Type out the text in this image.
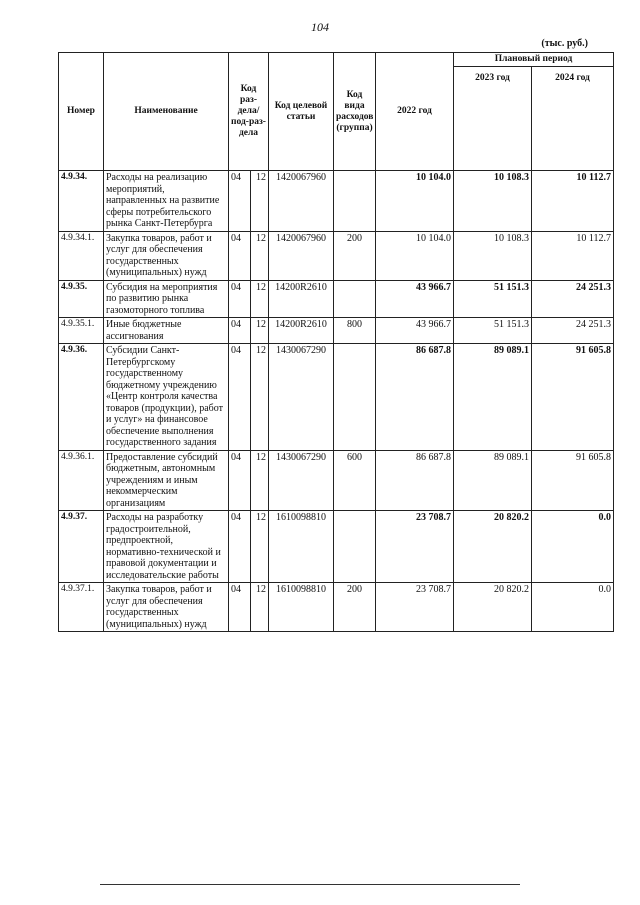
104
(тыс. руб.)
Номер	Наименование	Код раз-дела/ под-раз-дела		Код целевой статьи	Код вида расходов (группа)	2022 год	Плановый период	
							2023 год	2024 год
4.9.34.	Расходы на реализацию мероприятий, направленных на развитие сферы потребительского рынка Санкт-Петербурга	04	12	1420067960		10 104.0	10 108.3	10 112.7
4.9.34.1.	Закупка товаров, работ и услуг для обеспечения государственных (муниципальных) нужд	04	12	1420067960	200	10 104.0	10 108.3	10 112.7
4.9.35.	Субсидия на мероприятия по развитию рынка газомоторного топлива	04	12	14200R2610		43 966.7	51 151.3	24 251.3
4.9.35.1.	Иные бюджетные ассигнования	04	12	14200R2610	800	43 966.7	51 151.3	24 251.3
4.9.36.	Субсидии Санкт-Петербургскому государственному бюджетному учреждению «Центр контроля качества товаров (продукции), работ и услуг» на финансовое обеспечение выполнения государственного задания	04	12	1430067290		86 687.8	89 089.1	91 605.8
4.9.36.1.	Предоставление субсидий бюджетным, автономным учреждениям и иным некоммерческим организациям	04	12	1430067290	600	86 687.8	89 089.1	91 605.8
4.9.37.	Расходы на разработку градостроительной, предпроектной, нормативно-технической и правовой документации и исследовательские работы	04	12	1610098810		23 708.7	20 820.2	0.0
4.9.37.1.	Закупка товаров, работ и услуг для обеспечения государственных (муниципальных) нужд	04	12	1610098810	200	23 708.7	20 820.2	0.0
